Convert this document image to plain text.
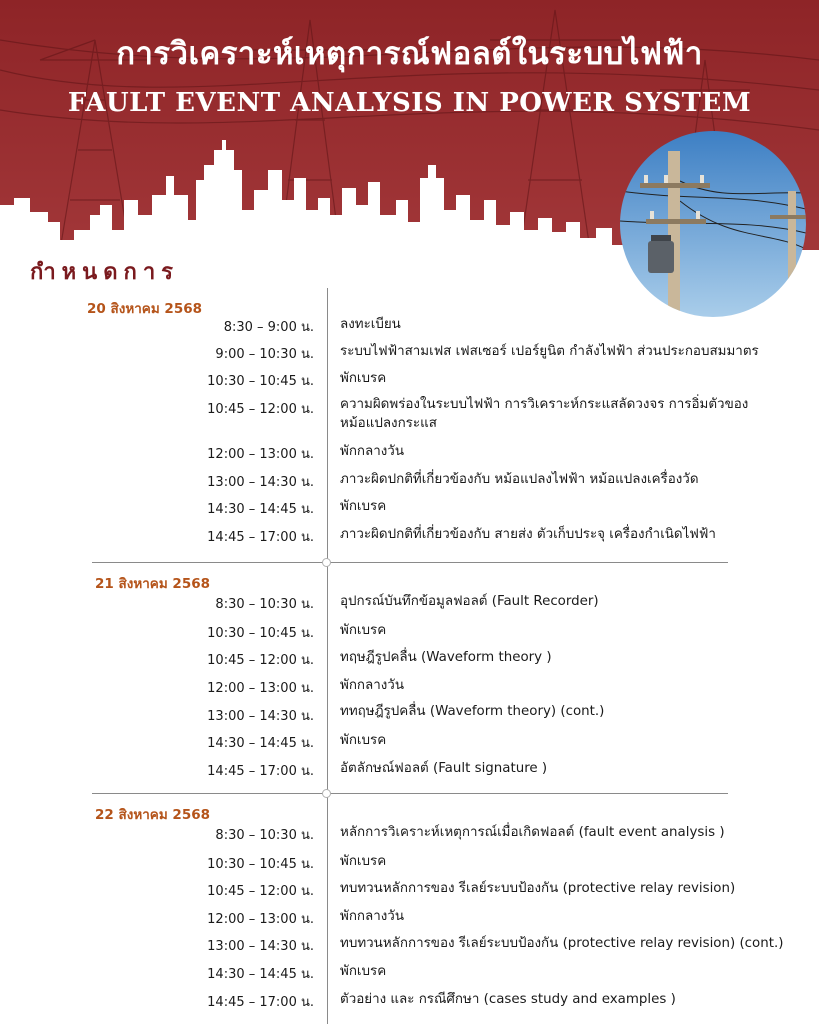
การวิเคราะห์เหตุการณ์ฟอลต์ในระบบไฟฟ้า
FAULT EVENT ANALYSIS IN POWER SYSTEM
กำหนดการ
20 สิงหาคม 2568
8:30 – 9:00 น. ลงทะเบียน
9:00 – 10:30 น. ระบบไฟฟ้าสามเฟส เฟสเซอร์ เปอร์ยูนิต กำลังไฟฟ้า ส่วนประกอบสมมาตร
10:30 – 10:45 น. พักเบรค
10:45 – 12:00 น. ความผิดพร่องในระบบไฟฟ้า การวิเคราะห์กระแสลัดวงจร การอิ่มตัวของ
หม้อแปลงกระแส
12:00 – 13:00 น. พักกลางวัน
13:00 – 14:30 น. ภาวะผิดปกติที่เกี่ยวข้องกับ หม้อแปลงไฟฟ้า หม้อแปลงเครื่องวัด
14:30 – 14:45 น. พักเบรค
14:45 – 17:00 น. ภาวะผิดปกติที่เกี่ยวข้องกับ สายส่ง ตัวเก็บประจุ เครื่องกำเนิดไฟฟ้า
21 สิงหาคม 2568
8:30 – 10:30 น. อุปกรณ์บันทึกข้อมูลฟอลต์ (Fault Recorder)
10:30 – 10:45 น. พักเบรค
10:45 – 12:00 น. ทฤษฎีรูปคลื่น (Waveform theory )
12:00 – 13:00 น. พักกลางวัน
13:00 – 14:30 น. ททฤษฎีรูปคลื่น (Waveform theory) (cont.)
14:30 – 14:45 น. พักเบรค
14:45 – 17:00 น. อัตลักษณ์ฟอลต์ (Fault signature )
22 สิงหาคม 2568
8:30 – 10:30 น. หลักการวิเคราะห์เหตุการณ์เมื่อเกิดฟอลต์ (fault event analysis )
10:30 – 10:45 น. พักเบรค
10:45 – 12:00 น. ทบทวนหลักการของ รีเลย์ระบบป้องกัน (protective relay revision)
12:00 – 13:00 น. พักกลางวัน
13:00 – 14:30 น. ทบทวนหลักการของ รีเลย์ระบบป้องกัน (protective relay revision) (cont.)
14:30 – 14:45 น. พักเบรค
14:45 – 17:00 น. ตัวอย่าง และ กรณีศึกษา (cases study and examples )
